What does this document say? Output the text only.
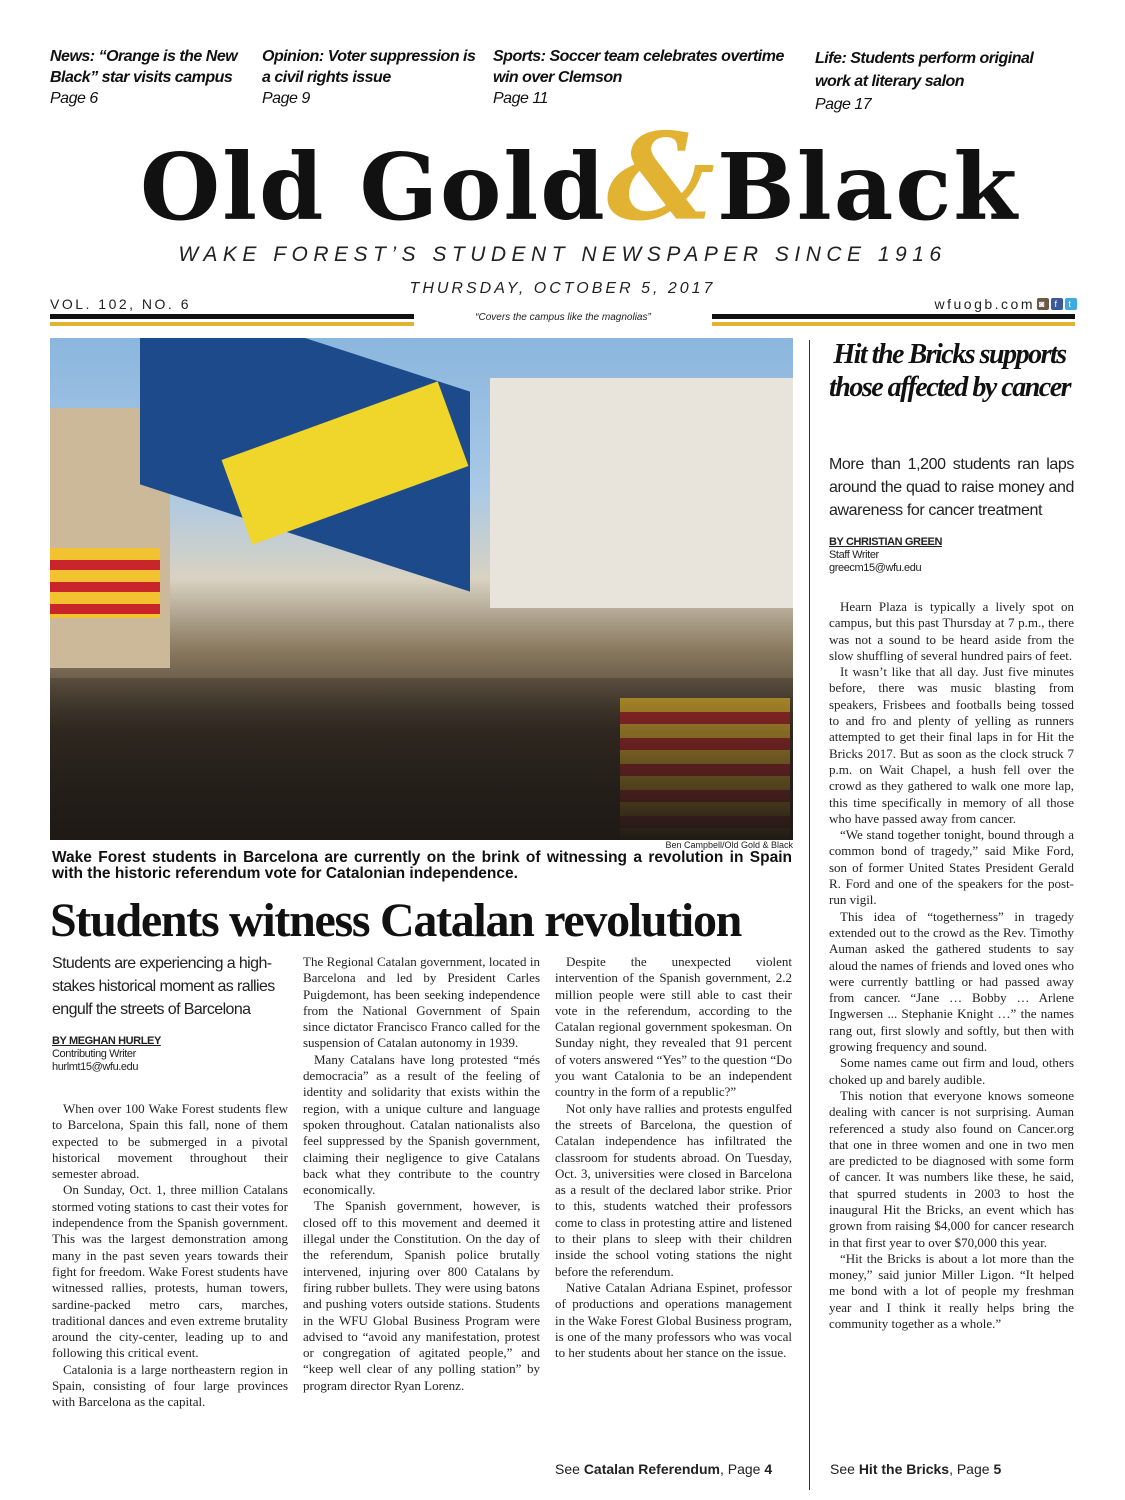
News: “Orange is the New Black” star visits campus
Page 6
Opinion: Voter suppression is a civil rights issue
Page 9
Sports: Soccer team celebrates overtime win over Clemson
Page 11
Life: Students perform original work at literary salon
Page 17
Old Gold&Black
WAKE FOREST’S STUDENT NEWSPAPER SINCE 1916
THURSDAY, OCTOBER 5, 2017
VOL. 102, NO. 6	wfuogb.com ◙ f t
“Covers the campus like the magnolias”
Ben Campbell/Old Gold & Black
Wake Forest students in Barcelona are currently on the brink of witnessing a revolution in Spain with the historic referendum vote for Catalonian independence.
Students witness Catalan revolution
Students are experiencing a high-stakes historical moment as rallies engulf the streets of Barcelona
BY MEGHAN HURLEY
Contributing Writer
hurlmt15@wfu.edu

When over 100 Wake Forest students flew to Barcelona, Spain this fall, none of them expected to be submerged in a pivotal historical movement throughout their semester abroad.

On Sunday, Oct. 1, three million Catalans stormed voting stations to cast their votes for independence from the Spanish government. This was the largest demonstration among many in the past seven years towards their fight for freedom. Wake Forest students have witnessed rallies, protests, human towers, sardine-packed metro cars, marches, traditional dances and even extreme brutality around the city-center, leading up to and following this critical event.

Catalonia is a large northeastern region in Spain, consisting of four large provinces with Barcelona as the capital.

The Regional Catalan government, located in Barcelona and led by President Carles Puigdemont, has been seeking independence from the National Government of Spain since dictator Francisco Franco called for the suspension of Catalan autonomy in 1939.

Many Catalans have long protested “més democracia” as a result of the feeling of identity and solidarity that exists within the region, with a unique culture and language spoken throughout. Catalan nationalists also feel suppressed by the Spanish government, claiming their negligence to give Catalans back what they contribute to the country economically.

The Spanish government, however, is closed off to this movement and deemed it illegal under the Constitution. On the day of the referendum, Spanish police brutally intervened, injuring over 800 Catalans by firing rubber bullets. They were using batons and pushing voters outside stations. Students in the WFU Global Business Program were advised to “avoid any manifestation, protest or congregation of agitated people,” and “keep well clear of any polling station” by program director Ryan Lorenz.

Despite the unexpected violent intervention of the Spanish government, 2.2 million people were still able to cast their vote in the referendum, according to the Catalan regional government spokesman. On Sunday night, they revealed that 91 percent of voters answered “Yes” to the question “Do you want Catalonia to be an independent country in the form of a republic?”

Not only have rallies and protests engulfed the streets of Barcelona, the question of Catalan independence has infiltrated the classroom for students abroad. On Tuesday, Oct. 3, universities were closed in Barcelona as a result of the declared labor strike. Prior to this, students watched their professors come to class in protesting attire and listened to their plans to sleep with their children inside the school voting stations the night before the referendum.

Native Catalan Adriana Espinet, professor of productions and operations management in the Wake Forest Global Business program, is one of the many professors who was vocal to her students about her stance on the issue.

See Catalan Referendum, Page 4
Hit the Bricks supports those affected by cancer
More than 1,200 students ran laps around the quad to raise money and awareness for cancer treatment
BY CHRISTIAN GREEN
Staff Writer
greecm15@wfu.edu

Hearn Plaza is typically a lively spot on campus, but this past Thursday at 7 p.m., there was not a sound to be heard aside from the slow shuffling of several hundred pairs of feet.

It wasn’t like that all day. Just five minutes before, there was music blasting from speakers, Frisbees and footballs being tossed to and fro and plenty of yelling as runners attempted to get their final laps in for Hit the Bricks 2017. But as soon as the clock struck 7 p.m. on Wait Chapel, a hush fell over the crowd as they gathered to walk one more lap, this time specifically in memory of all those who have passed away from cancer.

“We stand together tonight, bound through a common bond of tragedy,” said Mike Ford, son of former United States President Gerald R. Ford and one of the speakers for the post-run vigil.

This idea of “togetherness” in tragedy extended out to the crowd as the Rev. Timothy Auman asked the gathered students to say aloud the names of friends and loved ones who were currently battling or had passed away from cancer. “Jane … Bobby … Arlene Ingwersen ... Stephanie Knight …” the names rang out, first slowly and softly, but then with growing frequency and sound.

Some names came out firm and loud, others choked up and barely audible.

This notion that everyone knows someone dealing with cancer is not surprising. Auman referenced a study also found on Cancer.org that one in three women and one in two men are predicted to be diagnosed with some form of cancer. It was numbers like these, he said, that spurred students in 2003 to host the inaugural Hit the Bricks, an event which has grown from raising $4,000 for cancer research in that first year to over $70,000 this year.

“Hit the Bricks is about a lot more than the money,” said junior Miller Ligon. “It helped me bond with a lot of people my freshman year and I think it really helps bring the community together as a whole.”

See Hit the Bricks, Page 5
